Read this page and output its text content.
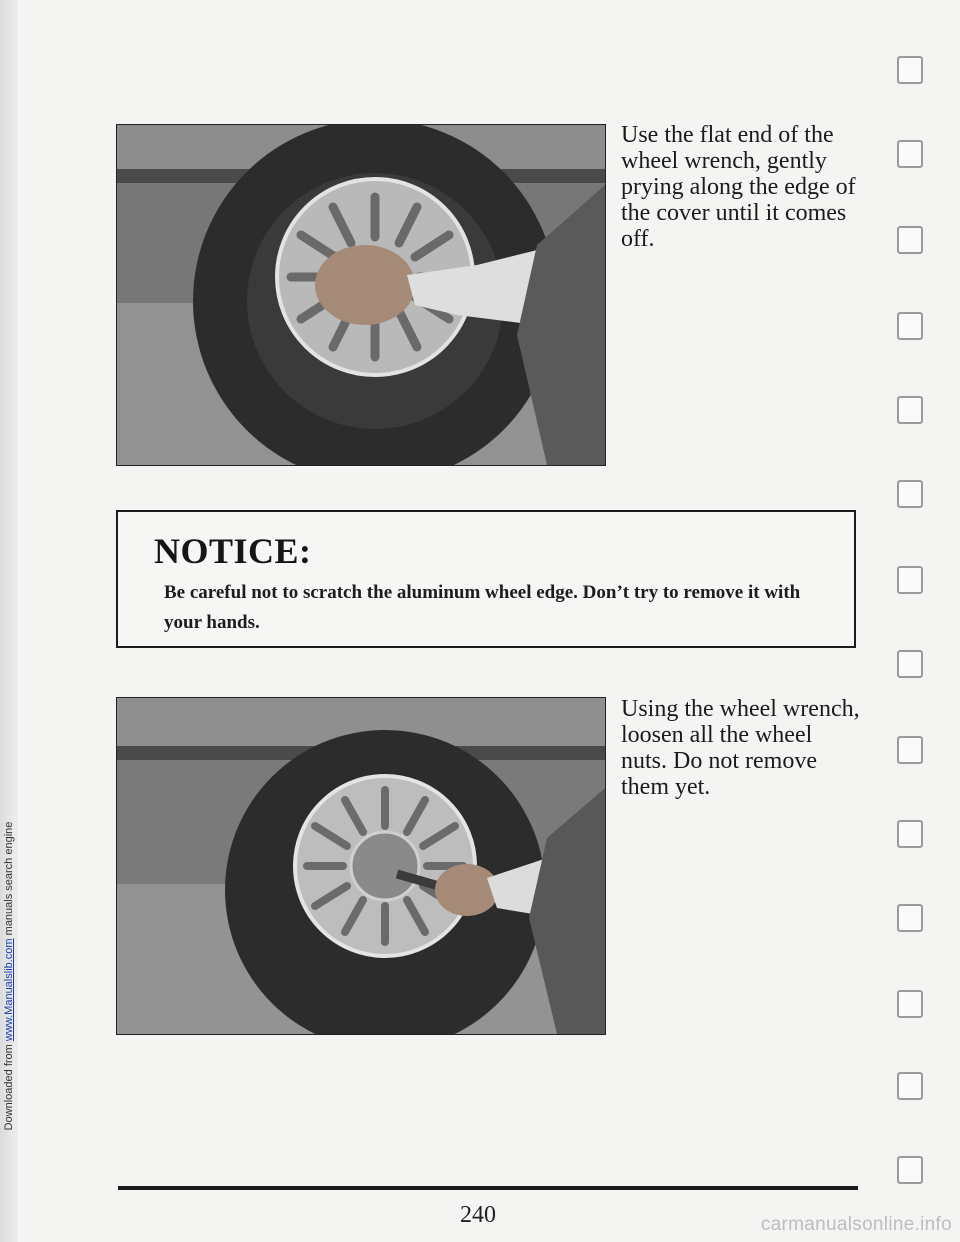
Downloaded from www.Manualslib.com manuals search engine
Use the flat end of the wheel wrench, gently prying along the edge of the cover until it comes off.
NOTICE:
Be careful not to scratch the aluminum wheel edge. Don’t try to remove it with your hands.
Using the wheel wrench, loosen all the wheel nuts. Do not remove them yet.
240	carmanualsonline.info
